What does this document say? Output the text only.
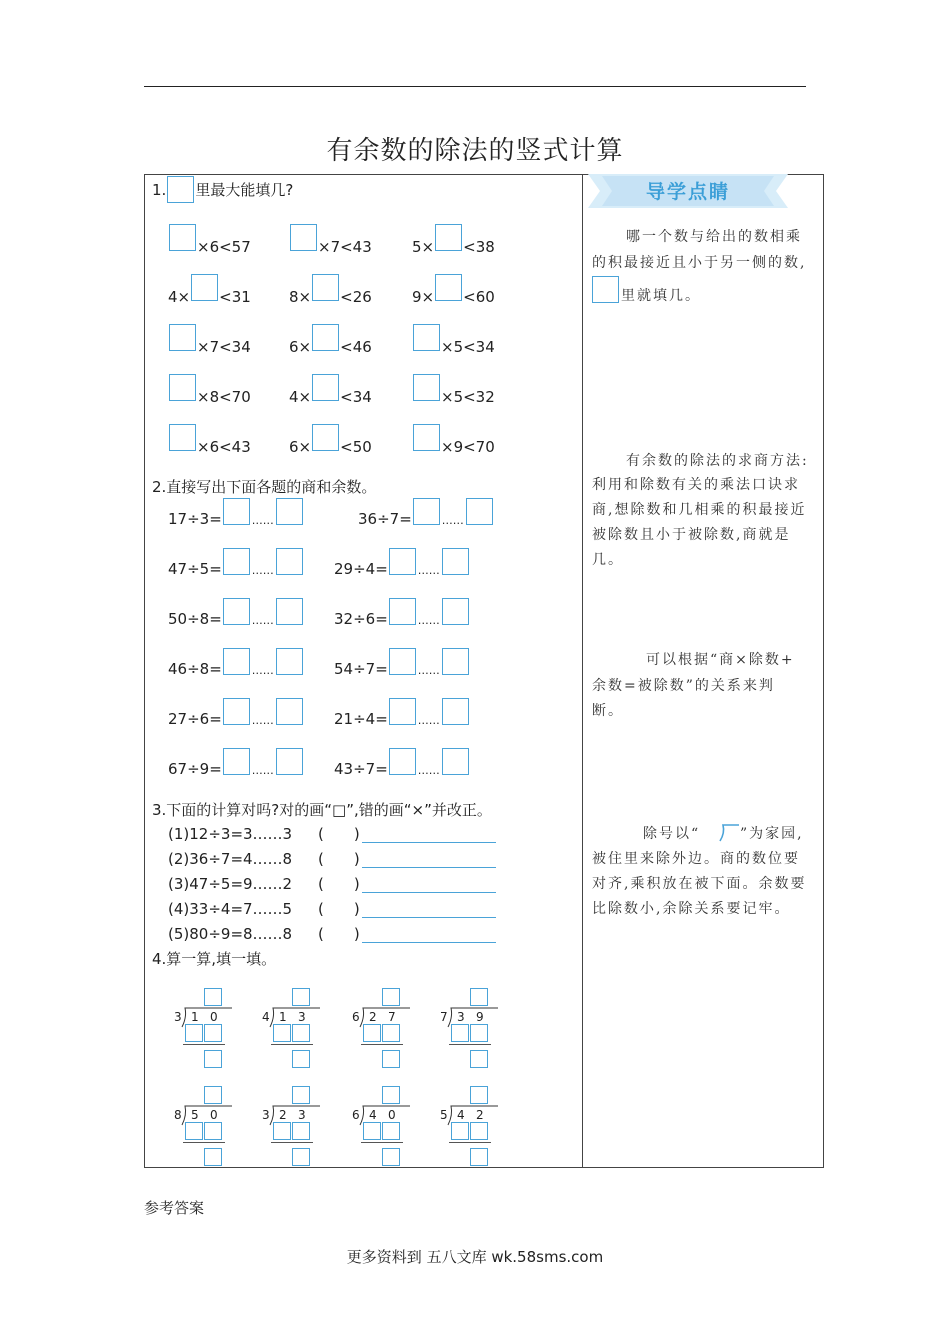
有余数的除法的竖式计算
导学点睛
哪一个数与给出的数相乘
的积最接近且小于另一侧的数,
里就填几。
有余数的除法的求商方法:
利用和除数有关的乘法口诀求
商,想除数和几相乘的积最接近
被除数且小于被除数,商就是
几。
可以根据“商×除数+
余数=被除数”的关系来判
断。
除号以“	”为家园,
被住里来除外边。商的数位要
对齐,乘积放在被下面。余数要
比除数小,余除关系要记牢。
1. 里最大能填几?
×6<57	×7<43	5× <38
4× <31	8× <26	9× <60
×7<34	6× <46	×5<34
×8<70	4× <34	×5<32
×6<43	6× <50	×9<70
2.直接写出下面各题的商和余数。
17÷3=	……	36÷7=	……
47÷5=	……	29÷4=	……
50÷8=	……	32÷6=	……
46÷8=	……	54÷7=	……
27÷6=	……	21÷4=	……
67÷9=	……	43÷7=	……
3.下面的计算对吗?对的画“□”,错的画“×”并改正。
(1)12÷3=3……3 (　　)
(2)36÷7=4……8 (　　)
(3)47÷5=9……2 (　　)
(4)33÷4=7……5 (　　)
(5)80÷9=8……8 (　　)
4.算一算,填一填。
3 1 0	4 1 3	6 2 7	7 3 9
8 5 0	3 2 3	6 4 0	5 4 2
参考答案
更多资料到 五八文库 wk.58sms.com
